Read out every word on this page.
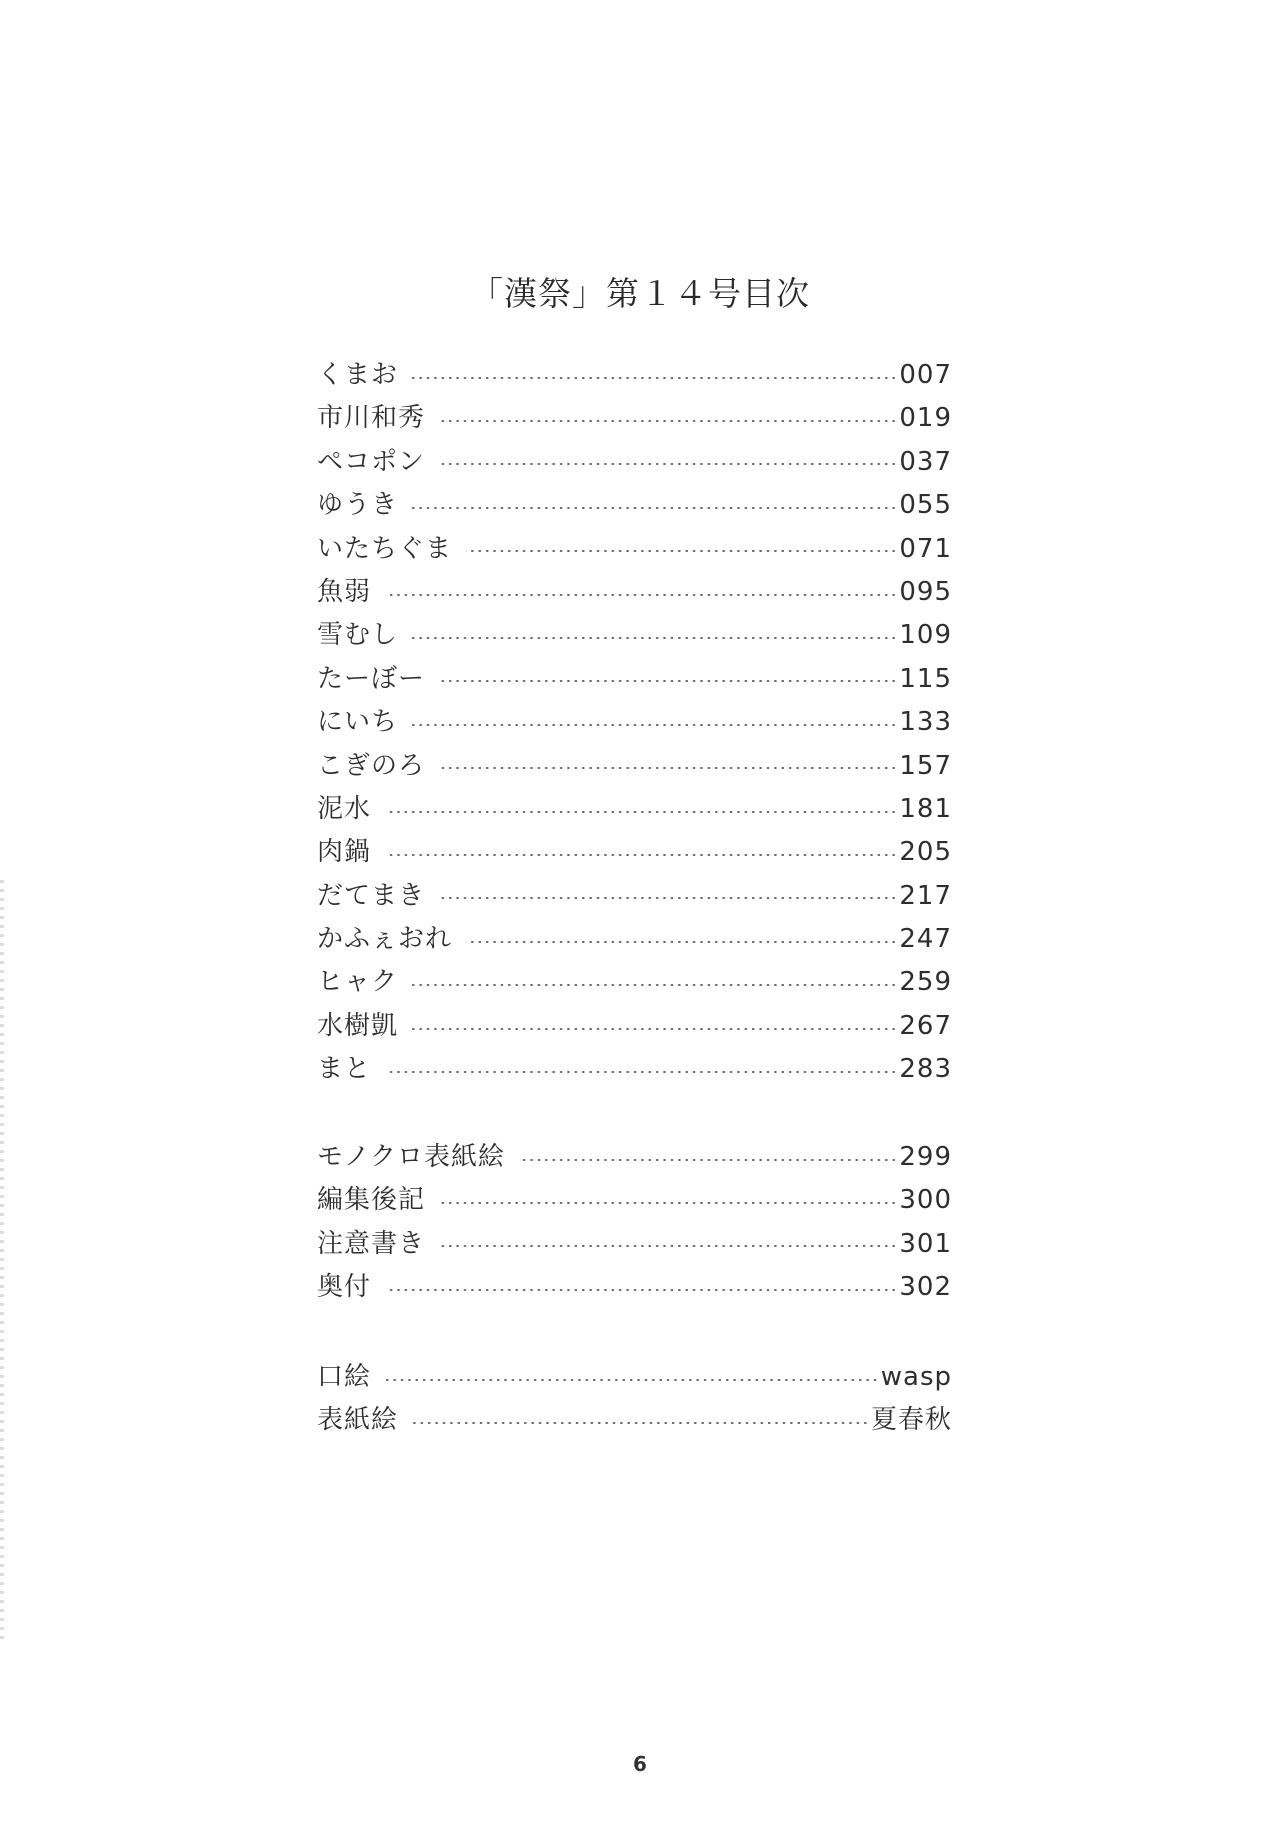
「漢祭」第１４号目次
くまお	007
市川和秀	019
ペコポン	037
ゆうき	055
いたちぐま	071
魚弱	095
雪むし	109
たーぼー	115
にいち	133
こぎのろ	157
泥水	181
肉鍋	205
だてまき	217
かふぇおれ	247
ヒャク	259
水樹凱	267
まと	283
モノクロ表紙絵	299
編集後記	300
注意書き	301
奥付	302
口絵	wasp
表紙絵	夏春秋
6
